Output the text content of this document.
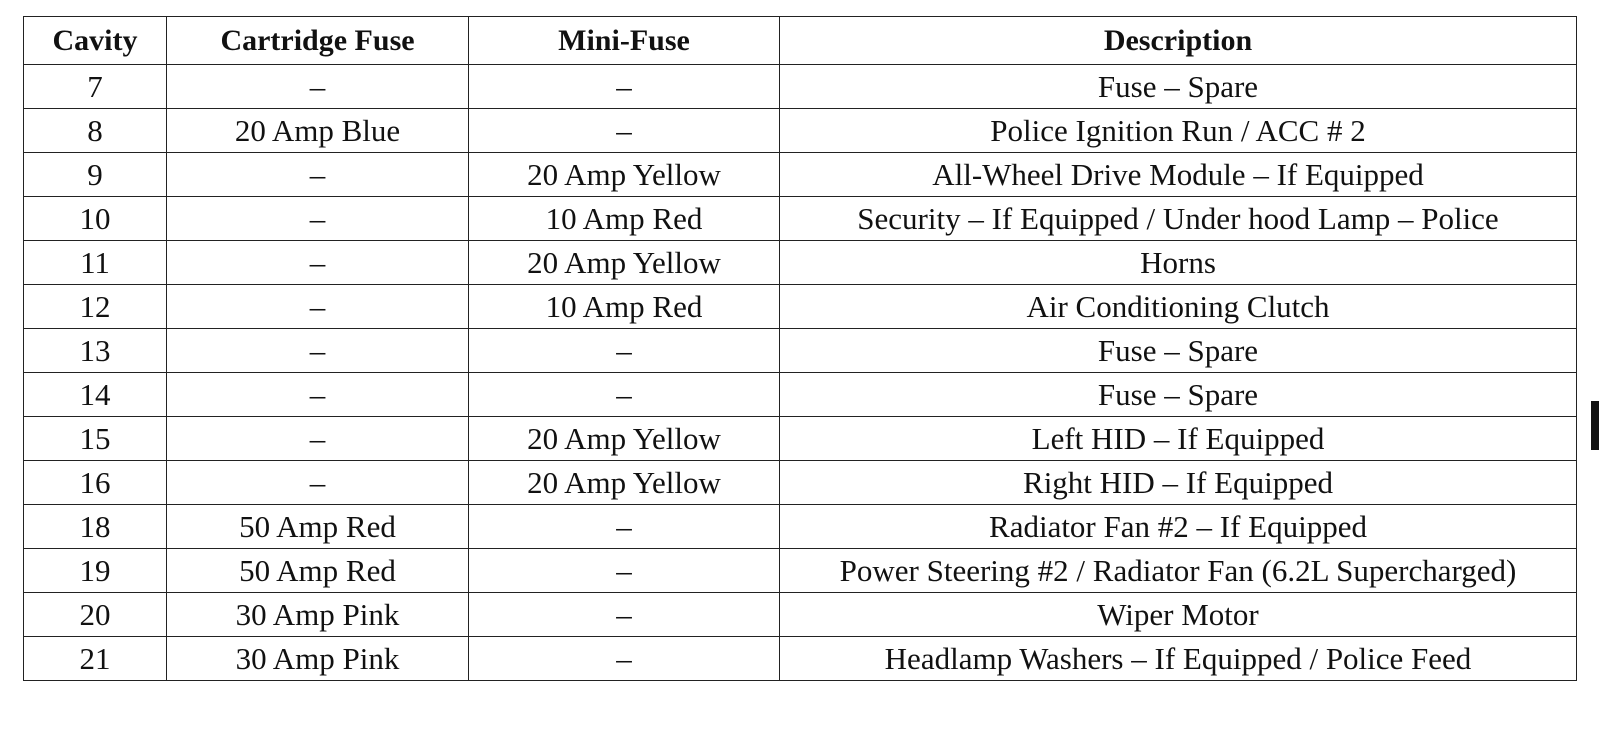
Cavity	Cartridge Fuse	Mini-Fuse	Description
7	–	–	Fuse – Spare
8	20 Amp Blue	–	Police Ignition Run / ACC # 2
9	–	20 Amp Yellow	All-Wheel Drive Module – If Equipped
10	–	10 Amp Red	Security – If Equipped / Under hood Lamp – Police
11	–	20 Amp Yellow	Horns
12	–	10 Amp Red	Air Conditioning Clutch
13	–	–	Fuse – Spare
14	–	–	Fuse – Spare
15	–	20 Amp Yellow	Left HID – If Equipped
16	–	20 Amp Yellow	Right HID – If Equipped
18	50 Amp Red	–	Radiator Fan #2 – If Equipped
19	50 Amp Red	–	Power Steering #2 / Radiator Fan (6.2L Supercharged)
20	30 Amp Pink	–	Wiper Motor
21	30 Amp Pink	–	Headlamp Washers – If Equipped / Police Feed
